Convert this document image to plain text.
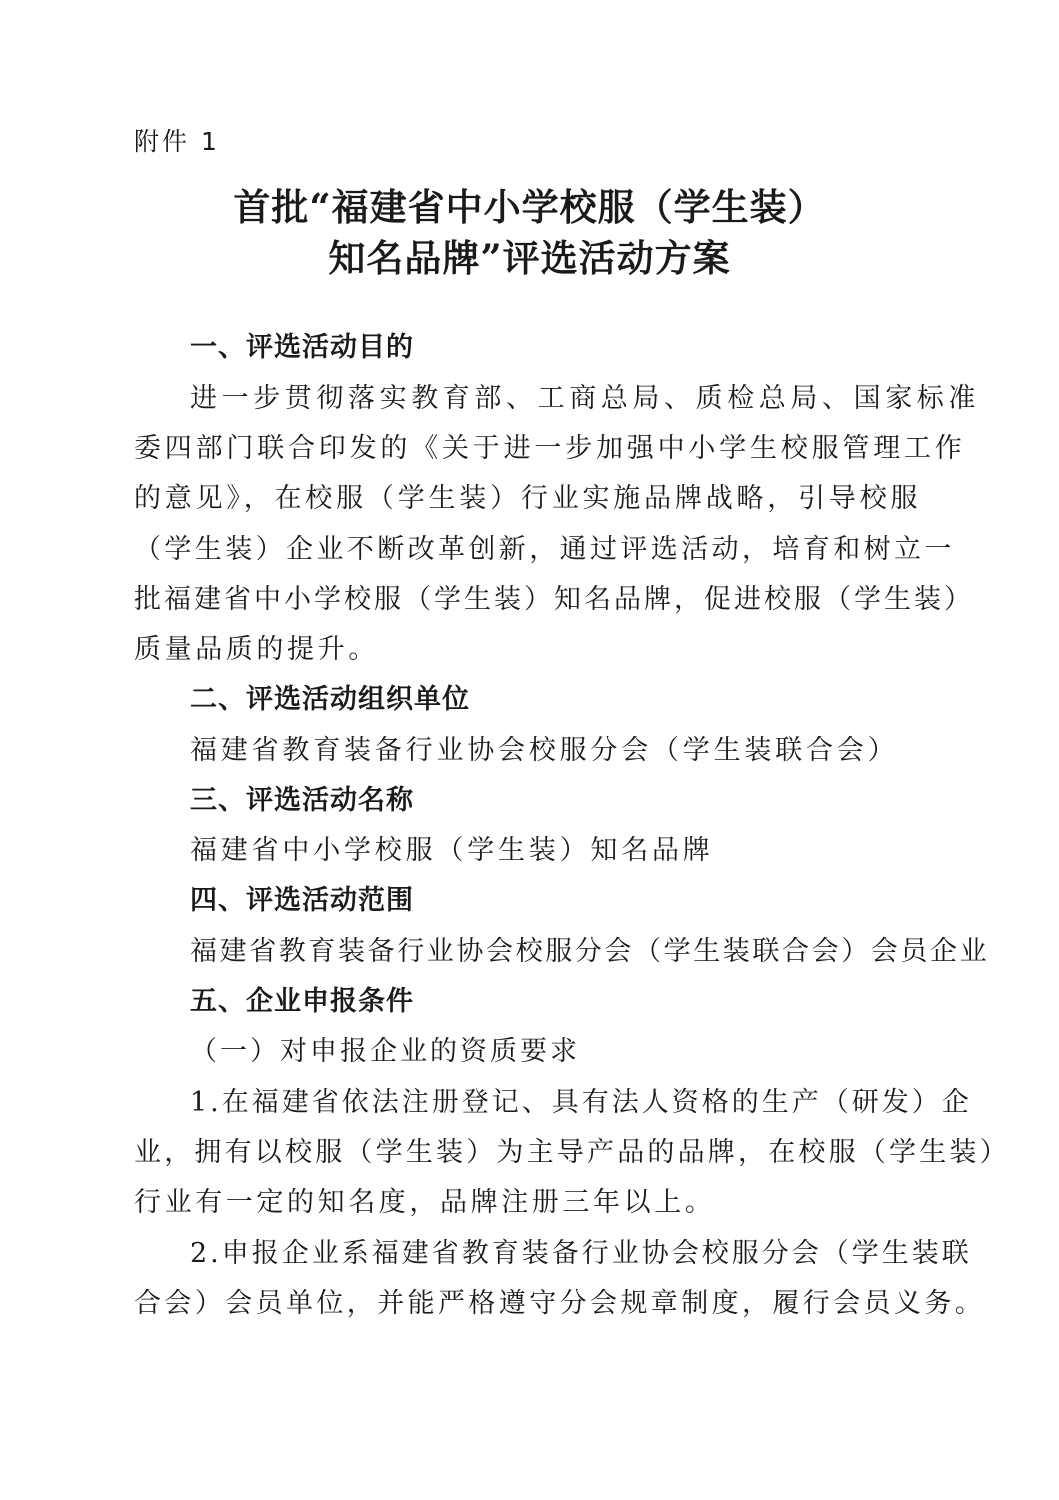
附件 1
首批“福建省中小学校服（学生装）
知名品牌”评选活动方案
一、评选活动目的
进一步贯彻落实教育部、工商总局、质检总局、国家标准
委四部门联合印发的《关于进一步加强中小学生校服管理工作
的意见》，在校服（学生装）行业实施品牌战略，引导校服
（学生装）企业不断改革创新，通过评选活动，培育和树立一
批福建省中小学校服（学生装）知名品牌，促进校服（学生装）
质量品质的提升。
二、评选活动组织单位
福建省教育装备行业协会校服分会（学生装联合会）
三、评选活动名称
福建省中小学校服（学生装）知名品牌
四、评选活动范围
福建省教育装备行业协会校服分会（学生装联合会）会员企业
五、企业申报条件
（一）对申报企业的资质要求
1.在福建省依法注册登记、具有法人资格的生产（研发）企
业，拥有以校服（学生装）为主导产品的品牌，在校服（学生装）
行业有一定的知名度，品牌注册三年以上。
2.申报企业系福建省教育装备行业协会校服分会（学生装联
合会）会员单位，并能严格遵守分会规章制度，履行会员义务。
